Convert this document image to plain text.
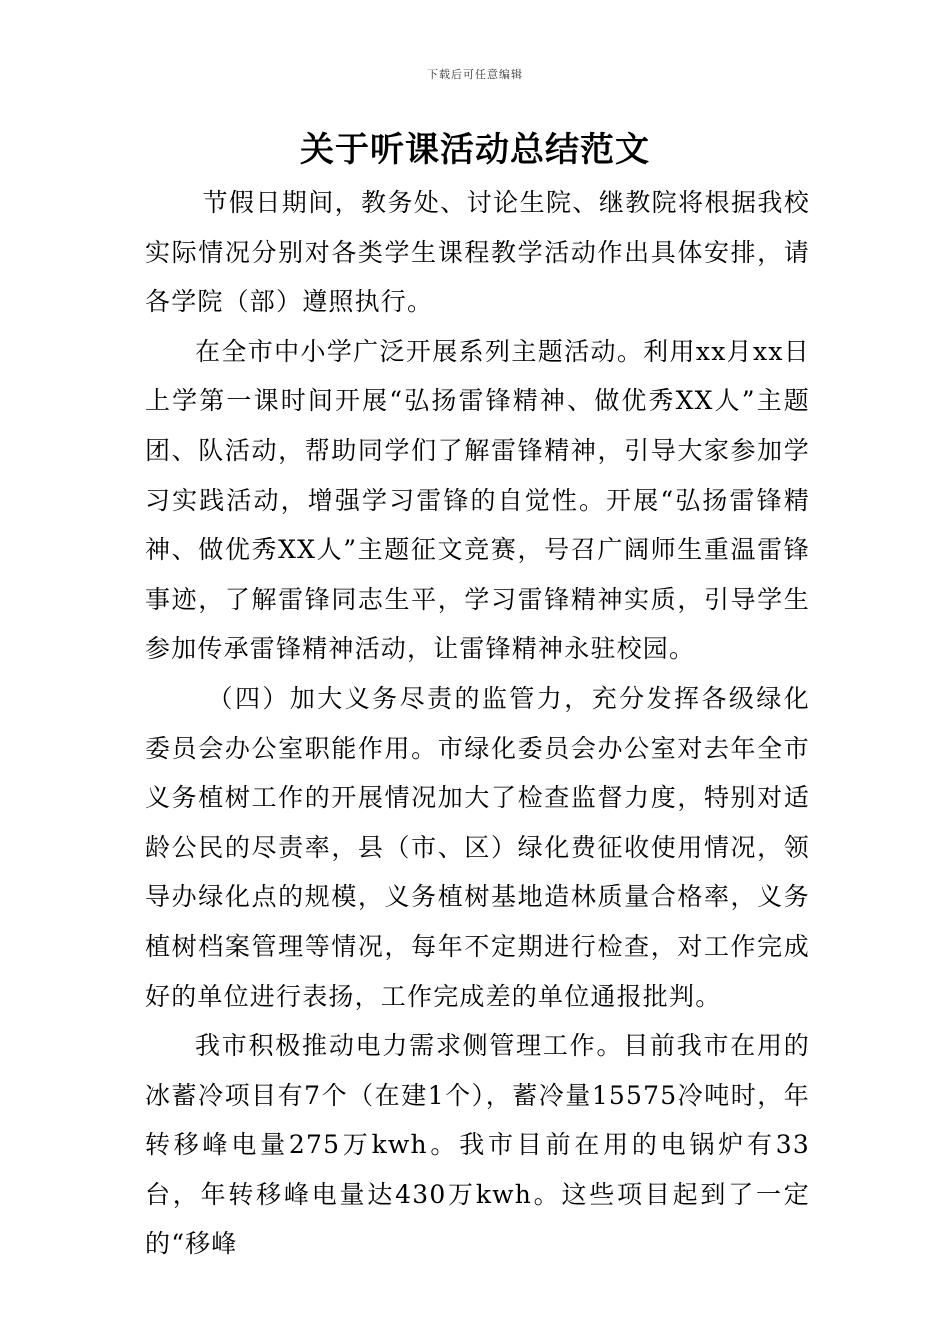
下载后可任意编辑
关于听课活动总结范文

节假日期间，教务处、讨论生院、继教院将根据我校实际情况分别对各类学生课程教学活动作出具体安排，请各学院（部）遵照执行。

在全市中小学广泛开展系列主题活动。利用xx月xx日上学第一课时间开展“弘扬雷锋精神、做优秀XX人”主题团、队活动，帮助同学们了解雷锋精神，引导大家参加学习实践活动，增强学习雷锋的自觉性。开展“弘扬雷锋精神、做优秀XX人”主题征文竞赛，号召广阔师生重温雷锋事迹，了解雷锋同志生平，学习雷锋精神实质，引导学生参加传承雷锋精神活动，让雷锋精神永驻校园。

（四）加大义务尽责的监管力，充分发挥各级绿化委员会办公室职能作用。市绿化委员会办公室对去年全市义务植树工作的开展情况加大了检查监督力度，特别对适龄公民的尽责率，县（市、区）绿化费征收使用情况，领导办绿化点的规模，义务植树基地造林质量合格率，义务植树档案管理等情况，每年不定期进行检查，对工作完成好的单位进行表扬，工作完成差的单位通报批判。

我市积极推动电力需求侧管理工作。目前我市在用的冰蓄冷项目有7个（在建1个），蓄冷量15575冷吨时，年转移峰电量275万kwh。我市目前在用的电锅炉有33台，年转移峰电量达430万kwh。这些项目起到了一定的“移峰
